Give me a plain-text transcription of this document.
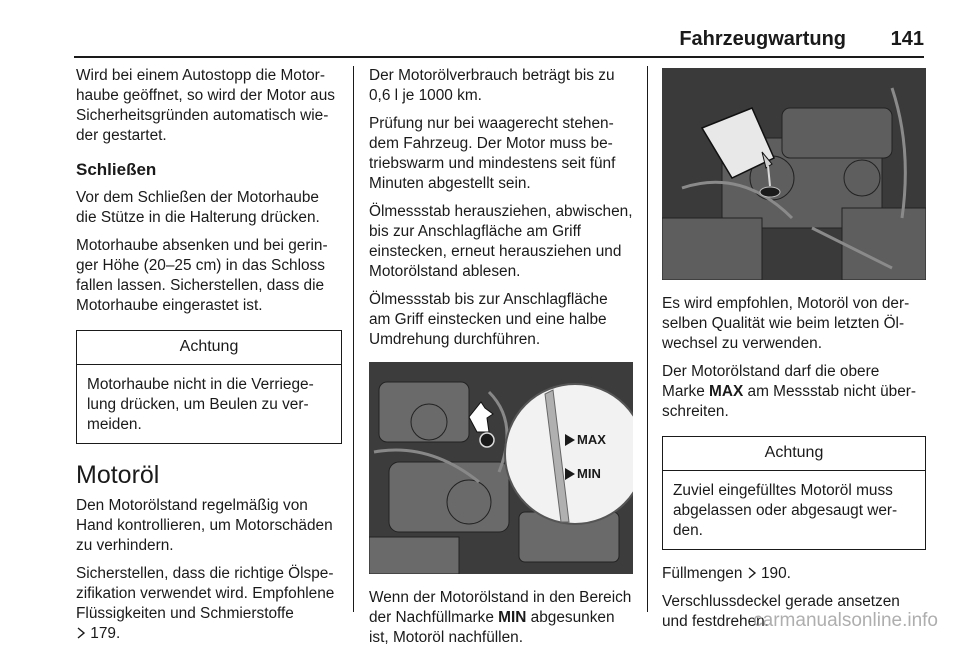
Fahrzeugwartung 141

Wird bei einem Autostopp die Motorhaube geöffnet, so wird der Motor aus Sicherheitsgründen automatisch wieder gestartet.

Schließen

Vor dem Schließen der Motorhaube die Stütze in die Halterung drücken.

Motorhaube absenken und bei geringer Höhe (20–25 cm) in das Schloss fallen lassen. Sicherstellen, dass die Motorhaube eingerastet ist.

Achtung
Motorhaube nicht in die Verriegelung drücken, um Beulen zu vermeiden.
Motoröl

Den Motorölstand regelmäßig von Hand kontrollieren, um Motorschäden zu verhindern.

Sicherstellen, dass die richtige Ölspezifikation verwendet wird. Empfohlene Flüssigkeiten und Schmierstoffe
179.

Der Motorölverbrauch beträgt bis zu 0,6 l je 1000 km.

Prüfung nur bei waagerecht stehendem Fahrzeug. Der Motor muss betriebswarm und mindestens seit fünf Minuten abgestellt sein.

Ölmessstab herausziehen, abwischen, bis zur Anschlagfläche am Griff einstecken, erneut herausziehen und Motorölstand ablesen.

Ölmessstab bis zur Anschlagfläche am Griff einstecken und eine halbe Umdrehung durchführen.

MAX
MIN

Wenn der Motorölstand in den Bereich der Nachfüllmarke MIN abgesunken ist, Motoröl nachfüllen.

Es wird empfohlen, Motoröl von derselben Qualität wie beim letzten Ölwechsel zu verwenden.

Der Motorölstand darf die obere Marke MAX am Messstab nicht überschreiten.

Achtung
Zuviel eingefülltes Motoröl muss abgelassen oder abgesaugt werden.

Füllmengen 190.

Verschlussdeckel gerade ansetzen und festdrehen.

carmanualsonline.info
